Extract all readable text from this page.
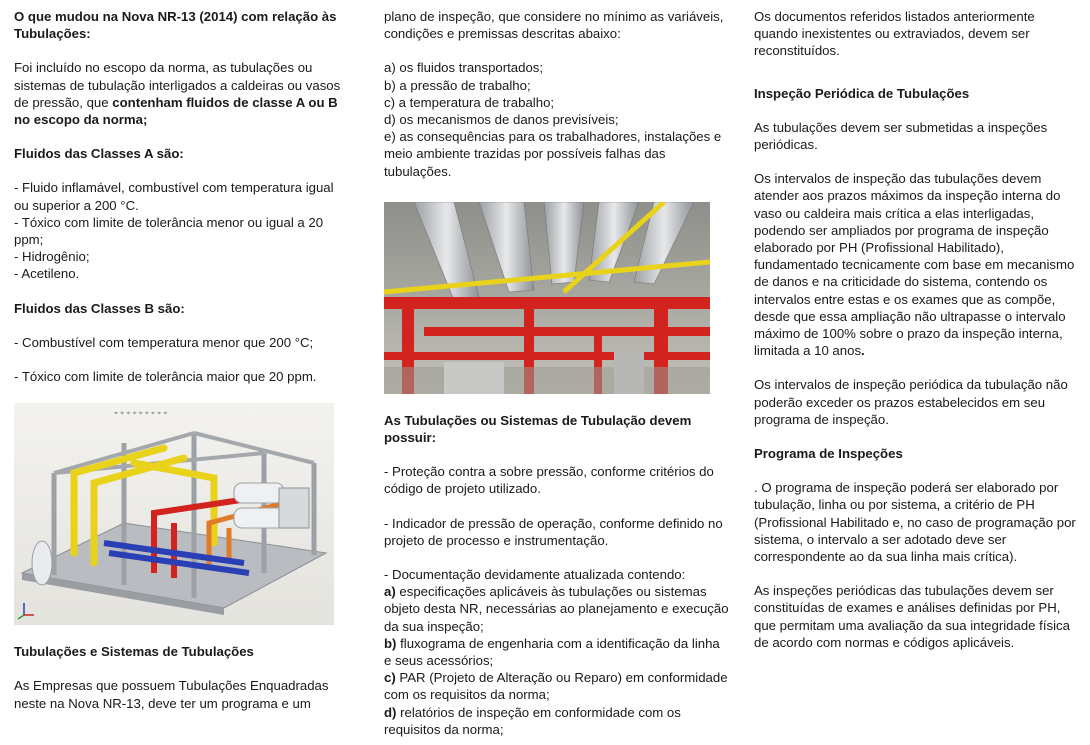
O que mudou na Nova NR-13 (2014) com relação às Tubulações:

Foi incluído no escopo da norma, as tubulações ou sistemas de tubulação interligados a caldeiras ou vasos de pressão, que contenham fluidos de classe A ou B no escopo da norma;

Fluidos das Classes A são:

- Fluido inflamável, combustível com temperatura igual ou superior a 200 °C.

- Tóxico com limite de tolerância menor ou igual a 20 ppm;

- Hidrogênio;

- Acetileno.

Fluidos das Classes B são:

- Combustível com temperatura menor que 200 °C;

- Tóxico com limite de tolerância maior que 20 ppm.

⌖ ⌖ ⌖ ⌖ ⌖ ⌖ ⌖ ⌖ ⌖

Tubulações e Sistemas de Tubulações

As Empresas que possuem Tubulações Enquadradas neste na Nova NR-13, deve ter um programa e um

plano de inspeção, que considere no mínimo as variáveis, condições e premissas descritas abaixo:

a) os fluidos transportados;

b) a pressão de trabalho;

c) a temperatura de trabalho;

d) os mecanismos de danos previsíveis;

e) as consequências para os trabalhadores, instalações e meio ambiente trazidas por possíveis falhas das tubulações.

As Tubulações ou Sistemas de Tubulação devem possuir:

- Proteção contra a sobre pressão, conforme critérios do código de projeto utilizado.

- Indicador de pressão de operação, conforme definido no projeto de processo e instrumentação.

- Documentação devidamente atualizada contendo:

a) especificações aplicáveis às tubulações ou sistemas objeto desta NR, necessárias ao planejamento e execução da sua inspeção;

b) fluxograma de engenharia com a identificação da linha e seus acessórios;

c) PAR (Projeto de Alteração ou Reparo) em conformidade com os requisitos da norma;

d) relatórios de inspeção em conformidade com os requisitos da norma;

Os documentos referidos listados anteriormente quando inexistentes ou extraviados, devem ser reconstituídos.

Inspeção Periódica de Tubulações

As tubulações devem ser submetidas a inspeções periódicas.

Os intervalos de inspeção das tubulações devem atender aos prazos máximos da inspeção interna do vaso ou caldeira mais crítica a elas interligadas, podendo ser ampliados por programa de inspeção elaborado por PH (Profissional Habilitado), fundamentado tecnicamente com base em mecanismo de danos e na criticidade do sistema, contendo os intervalos entre estas e os exames que as compõe, desde que essa ampliação não ultrapasse o intervalo máximo de 100% sobre o prazo da inspeção interna, limitada a 10 anos.

Os intervalos de inspeção periódica da tubulação não poderão exceder os prazos estabelecidos em seu programa de inspeção.

Programa de Inspeções

. O programa de inspeção poderá ser elaborado por tubulação, linha ou por sistema, a critério de PH (Profissional Habilitado e, no caso de programação por sistema, o intervalo a ser adotado deve ser correspondente ao da sua linha mais crítica).

As inspeções periódicas das tubulações devem ser constituídas de exames e análises definidas por PH, que permitam uma avaliação da sua integridade física de acordo com normas e códigos aplicáveis.
